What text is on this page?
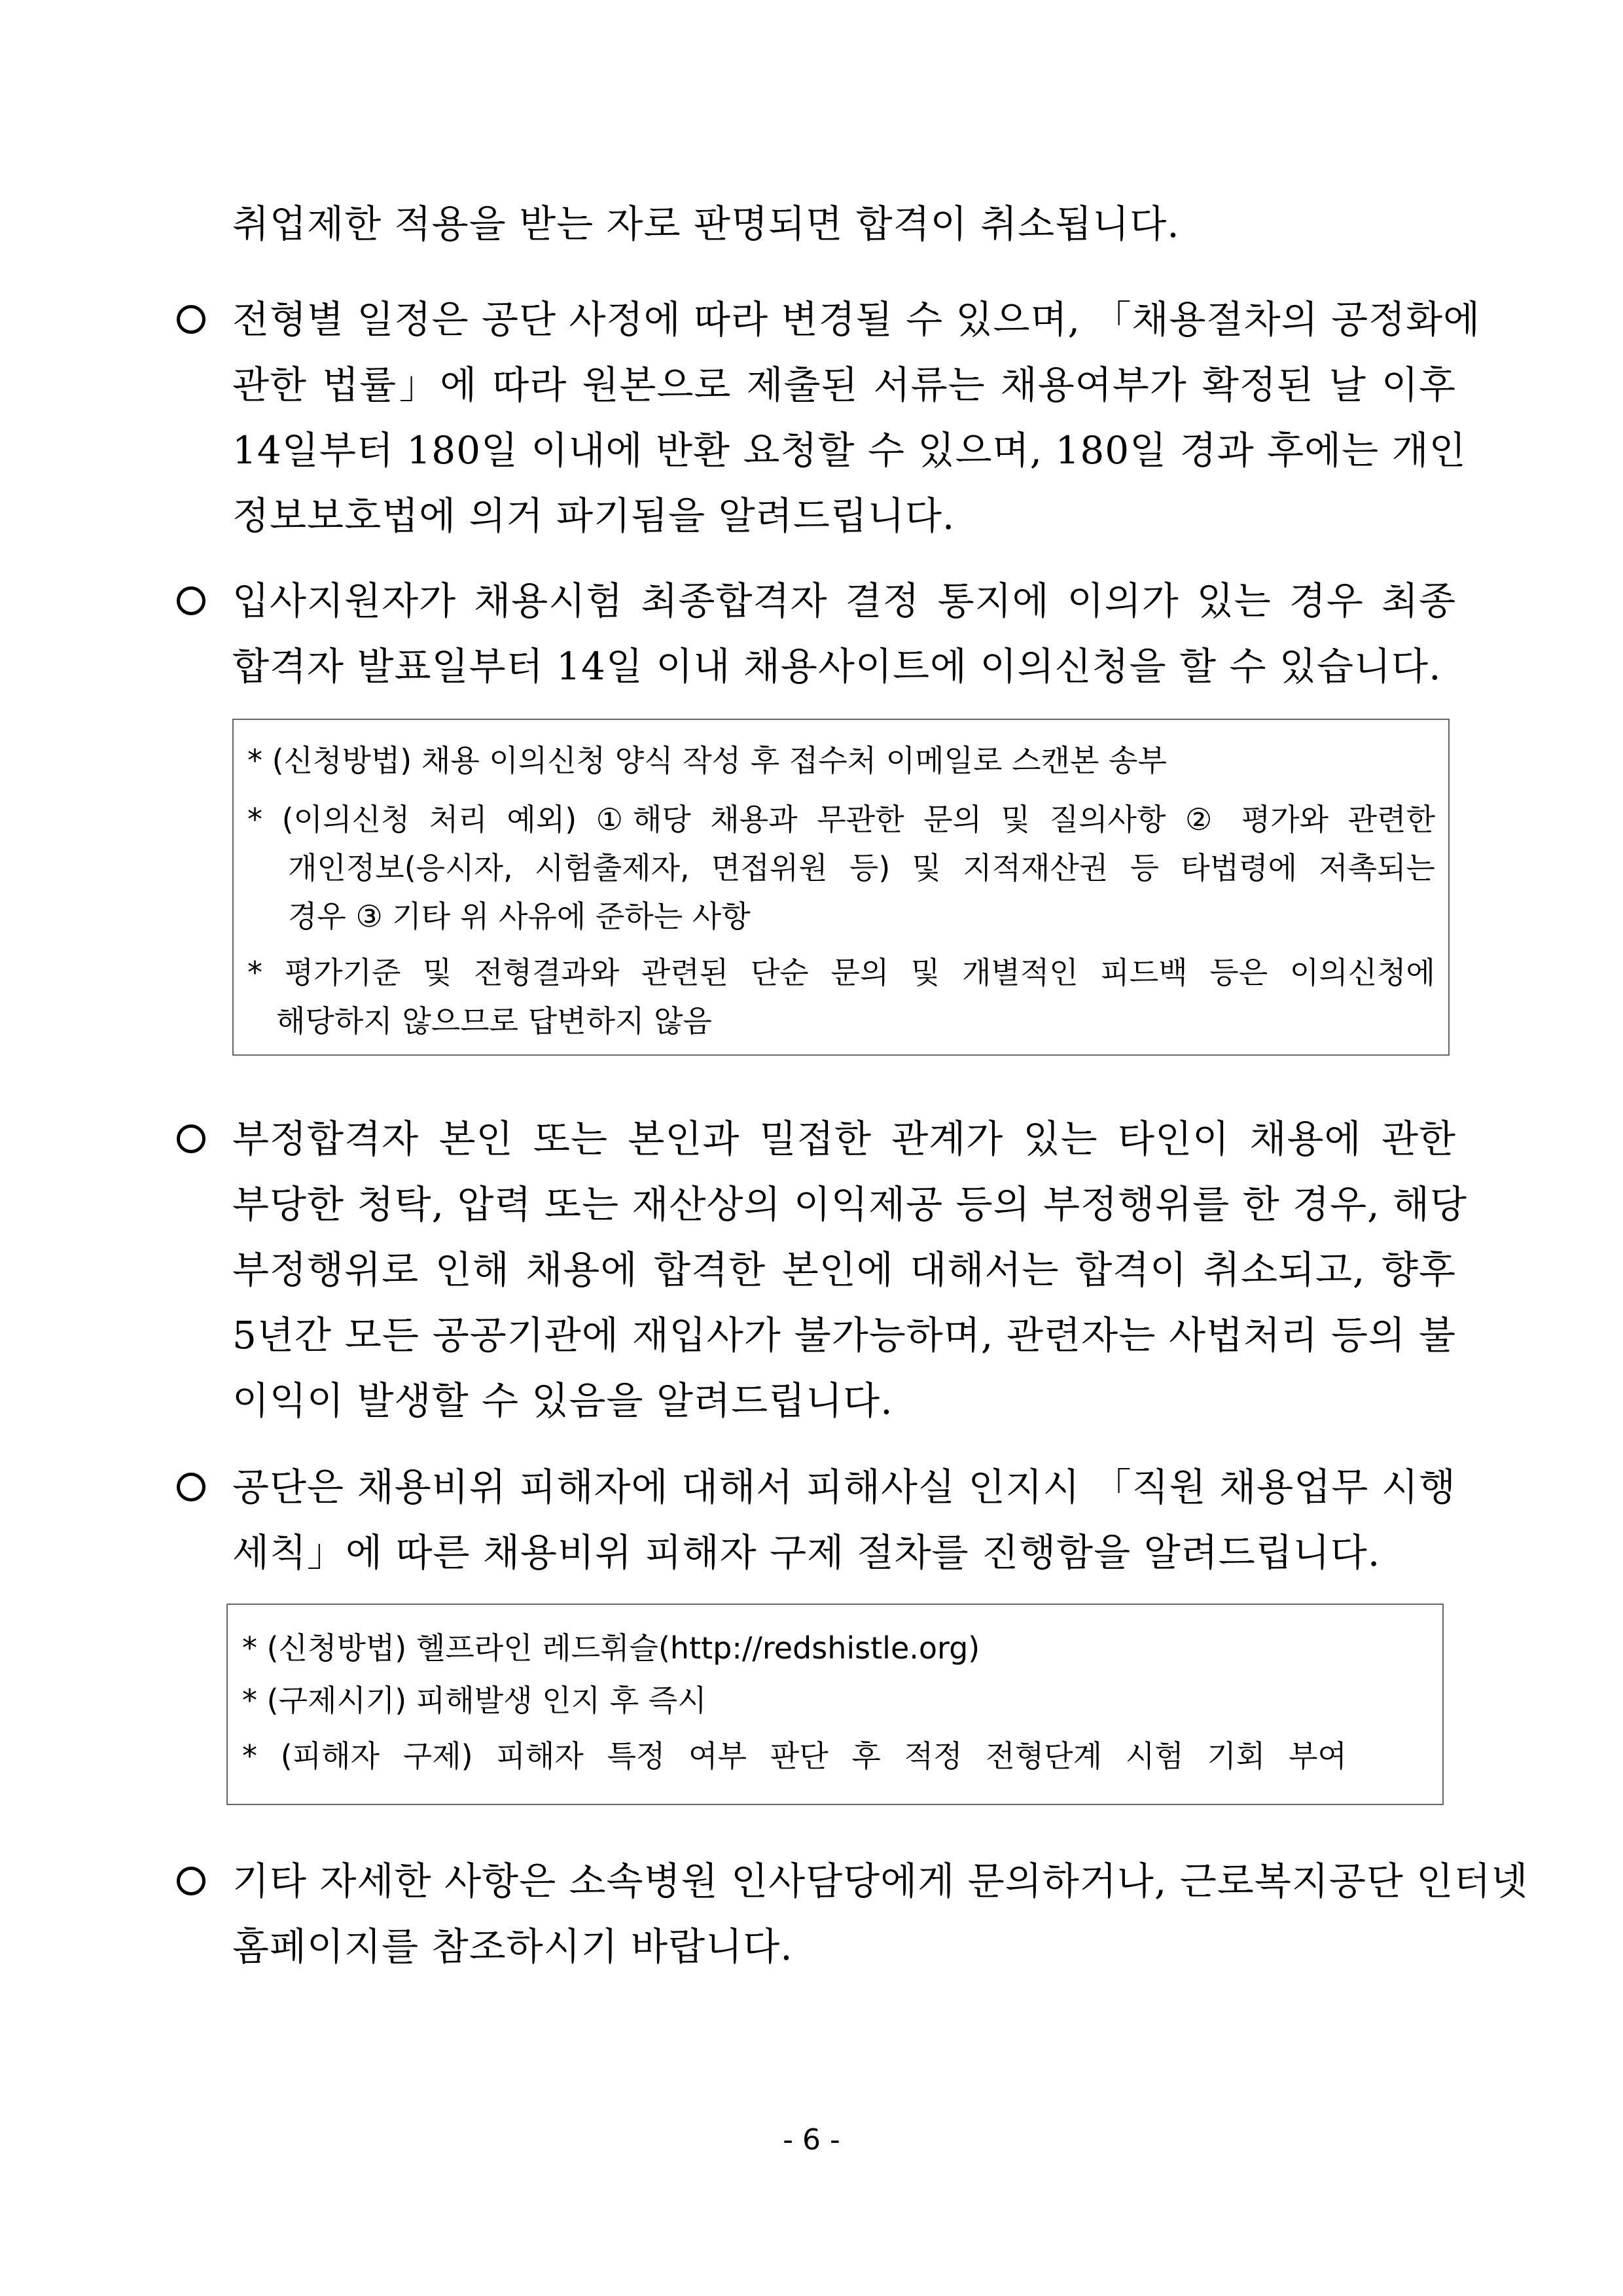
취업제한 적용을 받는 자로 판명되면 합격이 취소됩니다.
전형별 일정은 공단 사정에 따라 변경될 수 있으며, 「채용절차의 공정화에
관한 법률」에 따라 원본으로 제출된 서류는 채용여부가 확정된 날 이후
14일부터 180일 이내에 반환 요청할 수 있으며, 180일 경과 후에는 개인
정보보호법에 의거 파기됨을 알려드립니다.
입사지원자가 채용시험 최종합격자 결정 통지에 이의가 있는 경우 최종
합격자 발표일부터 14일 이내 채용사이트에 이의신청을 할 수 있습니다.
* (신청방법) 채용 이의신청 양식 작성 후 접수처 이메일로 스캔본 송부
* (이의신청 처리 예외) ①해당 채용과 무관한 문의 및 질의사항 ② 평가와 관련한
개인정보(응시자, 시험출제자, 면접위원 등) 및 지적재산권 등 타법령에 저촉되는
경우 ③ 기타 위 사유에 준하는 사항
* 평가기준 및 전형결과와 관련된 단순 문의 및 개별적인 피드백 등은 이의신청에
해당하지 않으므로 답변하지 않음
부정합격자 본인 또는 본인과 밀접한 관계가 있는 타인이 채용에 관한
부당한 청탁, 압력 또는 재산상의 이익제공 등의 부정행위를 한 경우, 해당
부정행위로 인해 채용에 합격한 본인에 대해서는 합격이 취소되고, 향후
5년간 모든 공공기관에 재입사가 불가능하며, 관련자는 사법처리 등의 불
이익이 발생할 수 있음을 알려드립니다.
공단은 채용비위 피해자에 대해서 피해사실 인지시 「직원 채용업무 시행
세칙」에 따른 채용비위 피해자 구제 절차를 진행함을 알려드립니다.
* (신청방법) 헬프라인 레드휘슬(http://redshistle.org)
* (구제시기) 피해발생 인지 후 즉시
* (피해자 구제) 피해자 특정 여부 판단 후 적정 전형단계 시험 기회 부여
기타 자세한 사항은 소속병원 인사담당에게 문의하거나, 근로복지공단 인터넷
홈페이지를 참조하시기 바랍니다.
- 6 -
